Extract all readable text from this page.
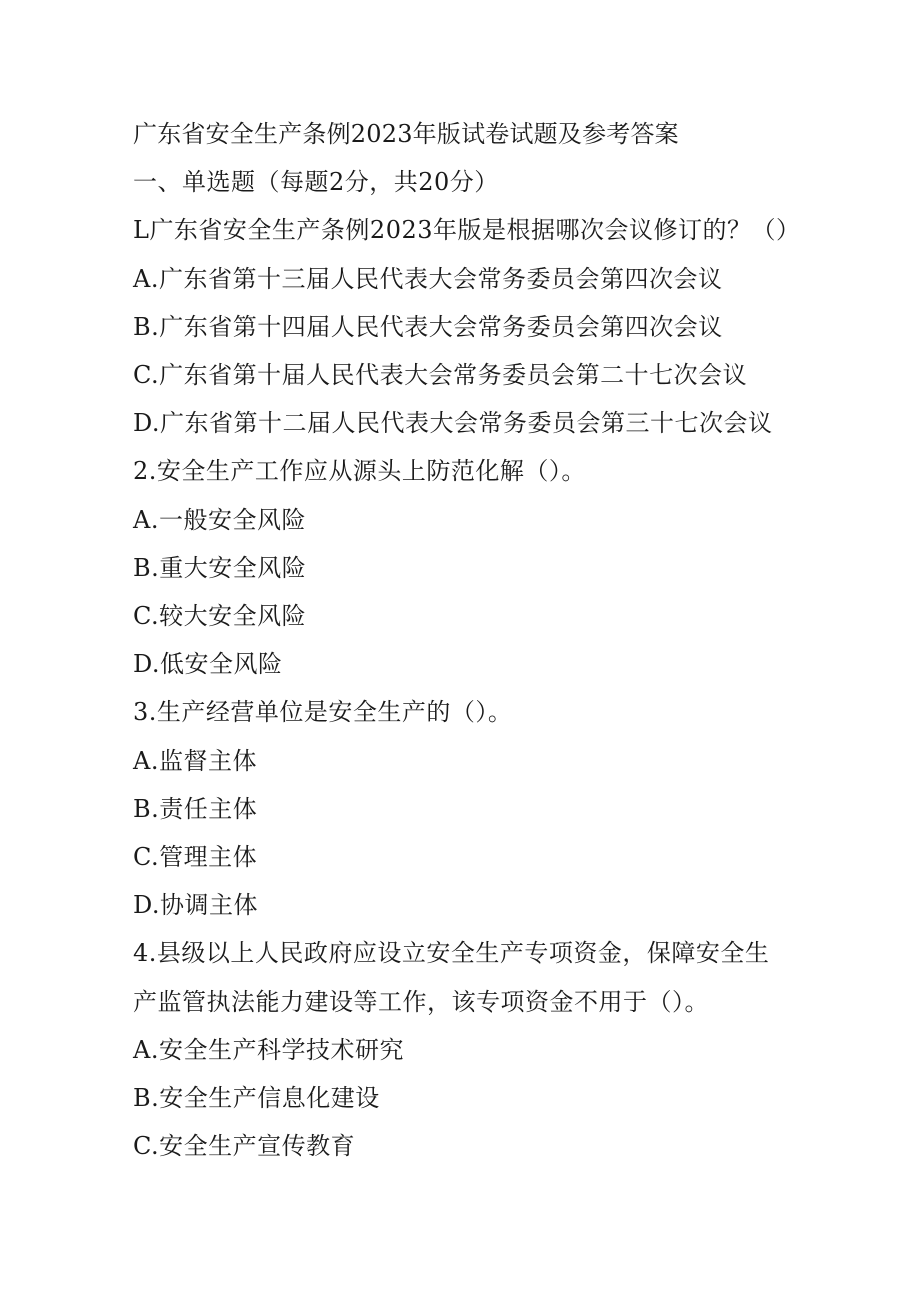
广东省安全生产条例2023年版试卷试题及参考答案

一、单选题（每题2分，共20分）

L广东省安全生产条例2023年版是根据哪次会议修订的？（）

A.广东省第十三届人民代表大会常务委员会第四次会议

B.广东省第十四届人民代表大会常务委员会第四次会议

C.广东省第十届人民代表大会常务委员会第二十七次会议

D.广东省第十二届人民代表大会常务委员会第三十七次会议

2.安全生产工作应从源头上防范化解（）。

A.一般安全风险

B.重大安全风险

C.较大安全风险

D.低安全风险

3.生产经营单位是安全生产的（）。

A.监督主体

B.责任主体

C.管理主体

D.协调主体

4.县级以上人民政府应设立安全生产专项资金，保障安全生

产监管执法能力建设等工作，该专项资金不用于（）。

A.安全生产科学技术研究

B.安全生产信息化建设

C.安全生产宣传教育
